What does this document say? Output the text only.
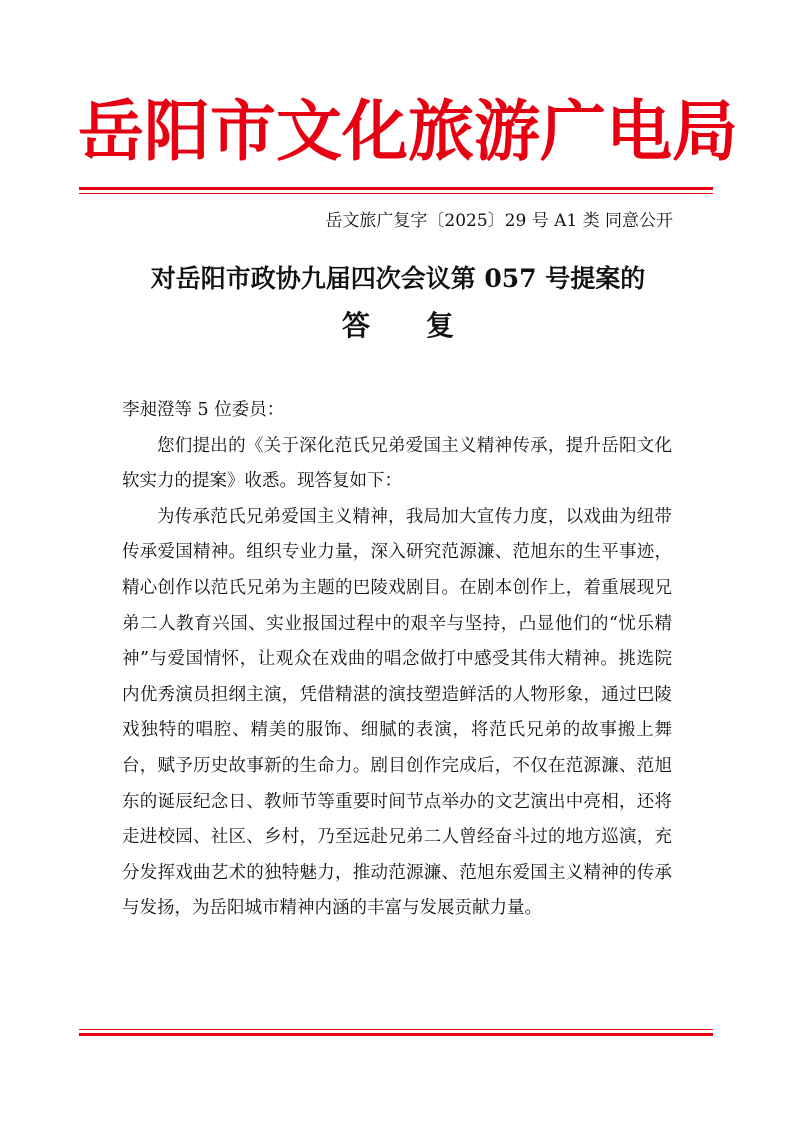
岳 阳 市 文 化 旅 游 广 电 局
岳文旅广复字〔2025〕29 号 A1 类 同意公开
对岳阳市政协九届四次会议第 057 号提案的
答复

李昶澄等 5 位委员：

您们提出的《关于深化范氏兄弟爱国主义精神传承，提升岳阳文化软实力的提案》收悉。现答复如下：

为传承范氏兄弟爱国主义精神，我局加大宣传力度，以戏曲为纽带传承爱国精神。组织专业力量，深入研究范源濂、范旭东的生平事迹，精心创作以范氏兄弟为主题的巴陵戏剧目。在剧本创作上，着重展现兄弟二人教育兴国、实业报国过程中的艰辛与坚持，凸显他们的“忧乐精神”与爱国情怀，让观众在戏曲的唱念做打中感受其伟大精神。挑选院内优秀演员担纲主演，凭借精湛的演技塑造鲜活的人物形象，通过巴陵戏独特的唱腔、精美的服饰、细腻的表演，将范氏兄弟的故事搬上舞台，赋予历史故事新的生命力。剧目创作完成后，不仅在范源濂、范旭东的诞辰纪念日、教师节等重要时间节点举办的文艺演出中亮相，还将走进校园、社区、乡村，乃至远赴兄弟二人曾经奋斗过的地方巡演，充分发挥戏曲艺术的独特魅力，推动范源濂、范旭东爱国主义精神的传承与发扬，为岳阳城市精神内涵的丰富与发展贡献力量。
